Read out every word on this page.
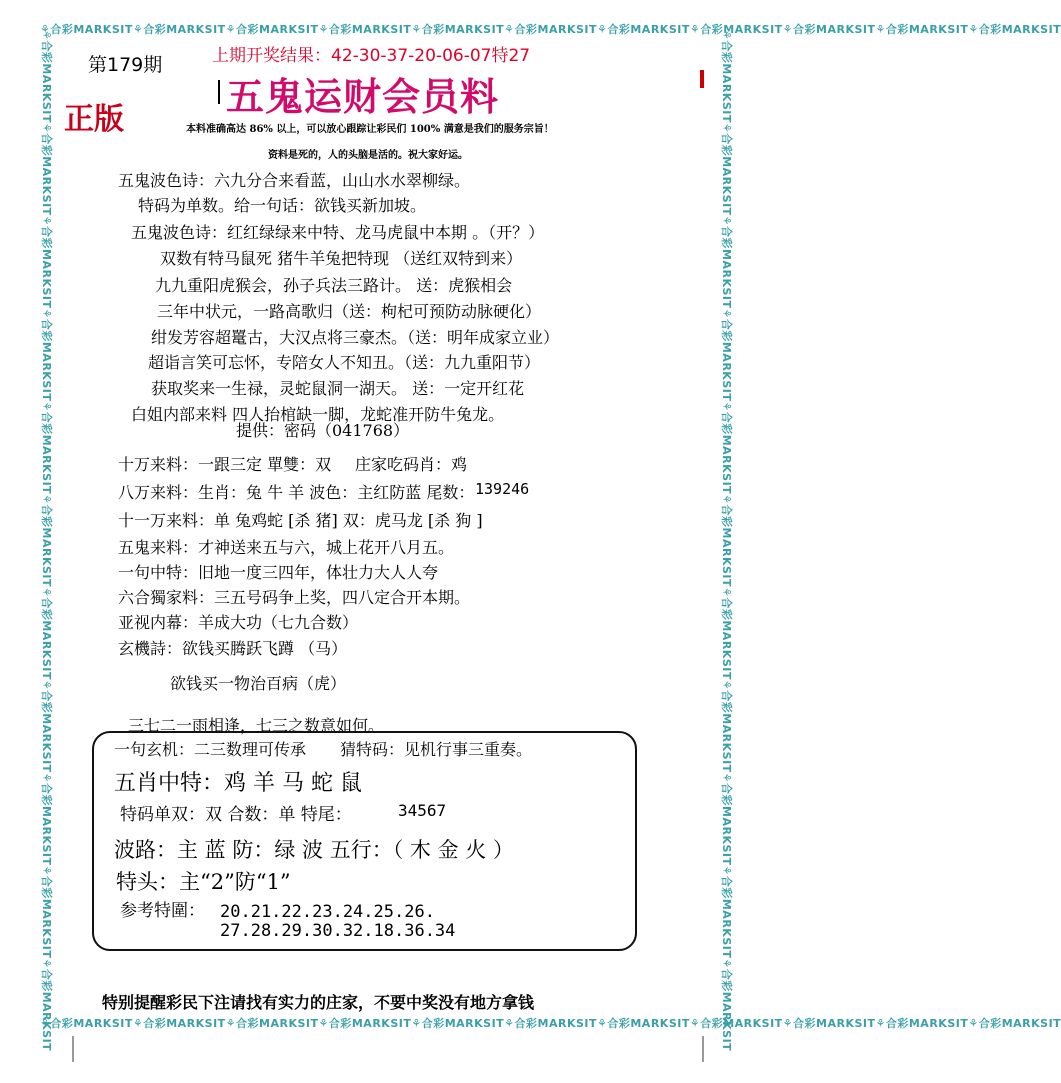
⚘合彩MARKSIT⚘合彩MARKSIT⚘合彩MARKSIT⚘合彩MARKSIT⚘合彩MARKSIT⚘合彩MARKSIT⚘合彩MARKSIT⚘合彩MARKSIT⚘合彩MARKSIT⚘合彩MARKSIT⚘合彩MARKSIT
⚘合彩MARKSIT⚘合彩MARKSIT⚘合彩MARKSIT⚘合彩MARKSIT⚘合彩MARKSIT⚘合彩MARKSIT⚘合彩MARKSIT⚘合彩MARKSIT⚘合彩MARKSIT⚘合彩MARKSIT⚘合彩MARKSIT
⚘合彩MARKSIT⚘合彩MARKSIT⚘合彩MARKSIT⚘合彩MARKSIT⚘合彩MARKSIT⚘合彩MARKSIT⚘合彩MARKSIT⚘合彩MARKSIT⚘合彩MARKSIT⚘合彩MARKSIT⚘合彩MARKSIT	⚘合彩MARKSIT⚘合彩MARKSIT⚘合彩MARKSIT⚘合彩MARKSIT⚘合彩MARKSIT⚘合彩MARKSIT⚘合彩MARKSIT⚘合彩MARKSIT⚘合彩MARKSIT⚘合彩MARKSIT⚘合彩MARKSIT
第179期	上期开奖结果：42-30-37-20-06-07特27
正版
五鬼运财会员料
本料准确高达 86% 以上，可以放心跟踪让彩民们 100% 满意是我们的服务宗旨！
资料是死的，人的头脑是活的。祝大家好运。
五鬼波色诗：六九分合来看蓝，山山水水翠柳绿。
特码为单数。给一句话：欲钱买新加坡。
五鬼波色诗：红红绿绿来中特、龙马虎鼠中本期 。（开？）
双数有特马鼠死 猪牛羊兔把特现 （送红双特到来）
九九重阳虎猴会，孙子兵法三路计。 送：虎猴相会
三年中状元，一路高歌归（送：枸杞可预防动脉硬化）
绀发芳容超鼍古，大汉点将三豪杰。（送：明年成家立业）
超诣言笑可忘怀，专陪女人不知丑。（送：九九重阳节）
获取奖来一生禄，灵蛇鼠洞一湖天。 送：一定开红花
白姐内部来料 四人抬棺缺一脚，龙蛇准开防牛兔龙。
提供：密码（041768）
十万来料：一跟三定 單雙：双 庄家吃码肖：鸡
八万来料：生肖：兔 牛 羊 波色：主红防蓝 尾数： 139246
十一万来料：单 兔鸡蛇 [杀 猪] 双：虎马龙 [杀 狗 ]
五鬼来料：才神送来五与六，城上花开八月五。
一句中特：旧地一度三四年，体壮力大人人夸
六合獨家料：三五号码争上奖，四八定合开本期。
亚视内幕：羊成大功（七九合数）
玄機詩：欲钱买腾跃飞蹲 （马）
欲钱买一物治百病（虎）
三七二一雨相逢，七三之数意如何。
一句玄机：二三数理可传承 猜特码：见机行事三重奏。
五肖中特：鸡 羊 马 蛇 鼠
特码单双：双 合数：单 特尾：	34567
波路：主 蓝 防：绿 波 五行：（ 木 金 火 ）
特头：主“2”防“1”
参考特圍： 20.21.22.23.24.25.26.
27.28.29.30.32.18.36.34
特别提醒彩民下注请找有实力的庄家，不要中奖没有地方拿钱
